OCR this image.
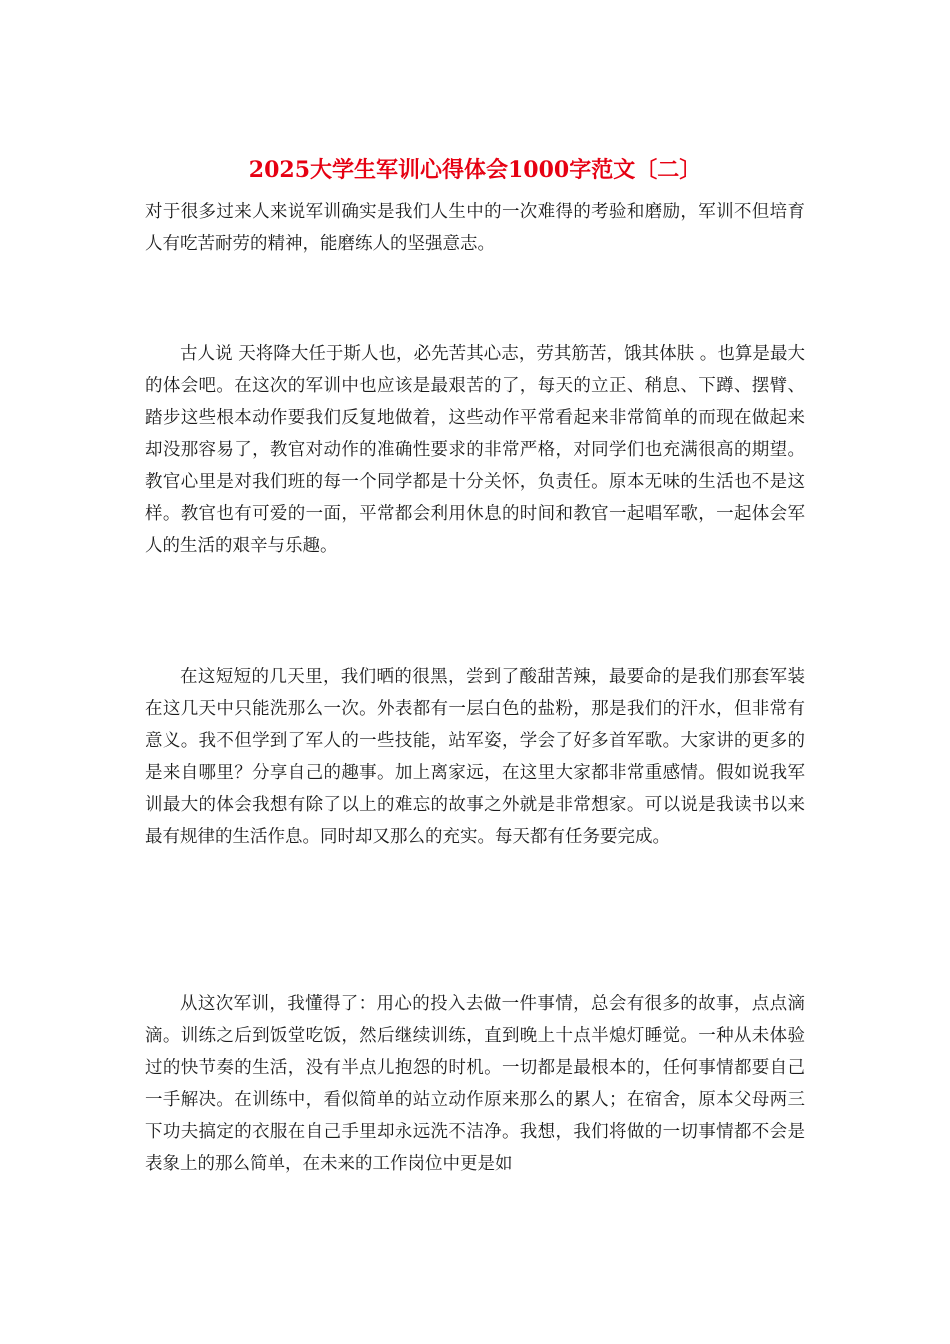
2025大学生军训心得体会1000字范文〔二〕

对于很多过来人来说军训确实是我们人生中的一次难得的考验和磨励，军训不但培育人有吃苦耐劳的精神，能磨练人的坚强意志。

古人说 天将降大任于斯人也，必先苦其心志，劳其筋苦，饿其体肤 。也算是最大的体会吧。在这次的军训中也应该是最艰苦的了，每天的立正、稍息、下蹲、摆臂、踏步这些根本动作要我们反复地做着，这些动作平常看起来非常简单的而现在做起来却没那容易了，教官对动作的准确性要求的非常严格，对同学们也充满很高的期望。教官心里是对我们班的每一个同学都是十分关怀，负责任。原本无味的生活也不是这样。教官也有可爱的一面，平常都会利用休息的时间和教官一起唱军歌，一起体会军人的生活的艰辛与乐趣。

在这短短的几天里，我们晒的很黑，尝到了酸甜苦辣，最要命的是我们那套军装在这几天中只能洗那么一次。外表都有一层白色的盐粉，那是我们的汗水，但非常有意义。我不但学到了军人的一些技能，站军姿，学会了好多首军歌。大家讲的更多的是来自哪里？分享自己的趣事。加上离家远，在这里大家都非常重感情。假如说我军训最大的体会我想有除了以上的难忘的故事之外就是非常想家。可以说是我读书以来最有规律的生活作息。同时却又那么的充实。每天都有任务要完成。

从这次军训，我懂得了：用心的投入去做一件事情，总会有很多的故事，点点滴滴。训练之后到饭堂吃饭，然后继续训练，直到晚上十点半熄灯睡觉。一种从未体验过的快节奏的生活，没有半点儿抱怨的时机。一切都是最根本的，任何事情都要自己一手解决。在训练中，看似简单的站立动作原来那么的累人；在宿舍，原本父母两三下功夫搞定的衣服在自己手里却永远洗不洁净。我想，我们将做的一切事情都不会是表象上的那么简单，在未来的工作岗位中更是如
